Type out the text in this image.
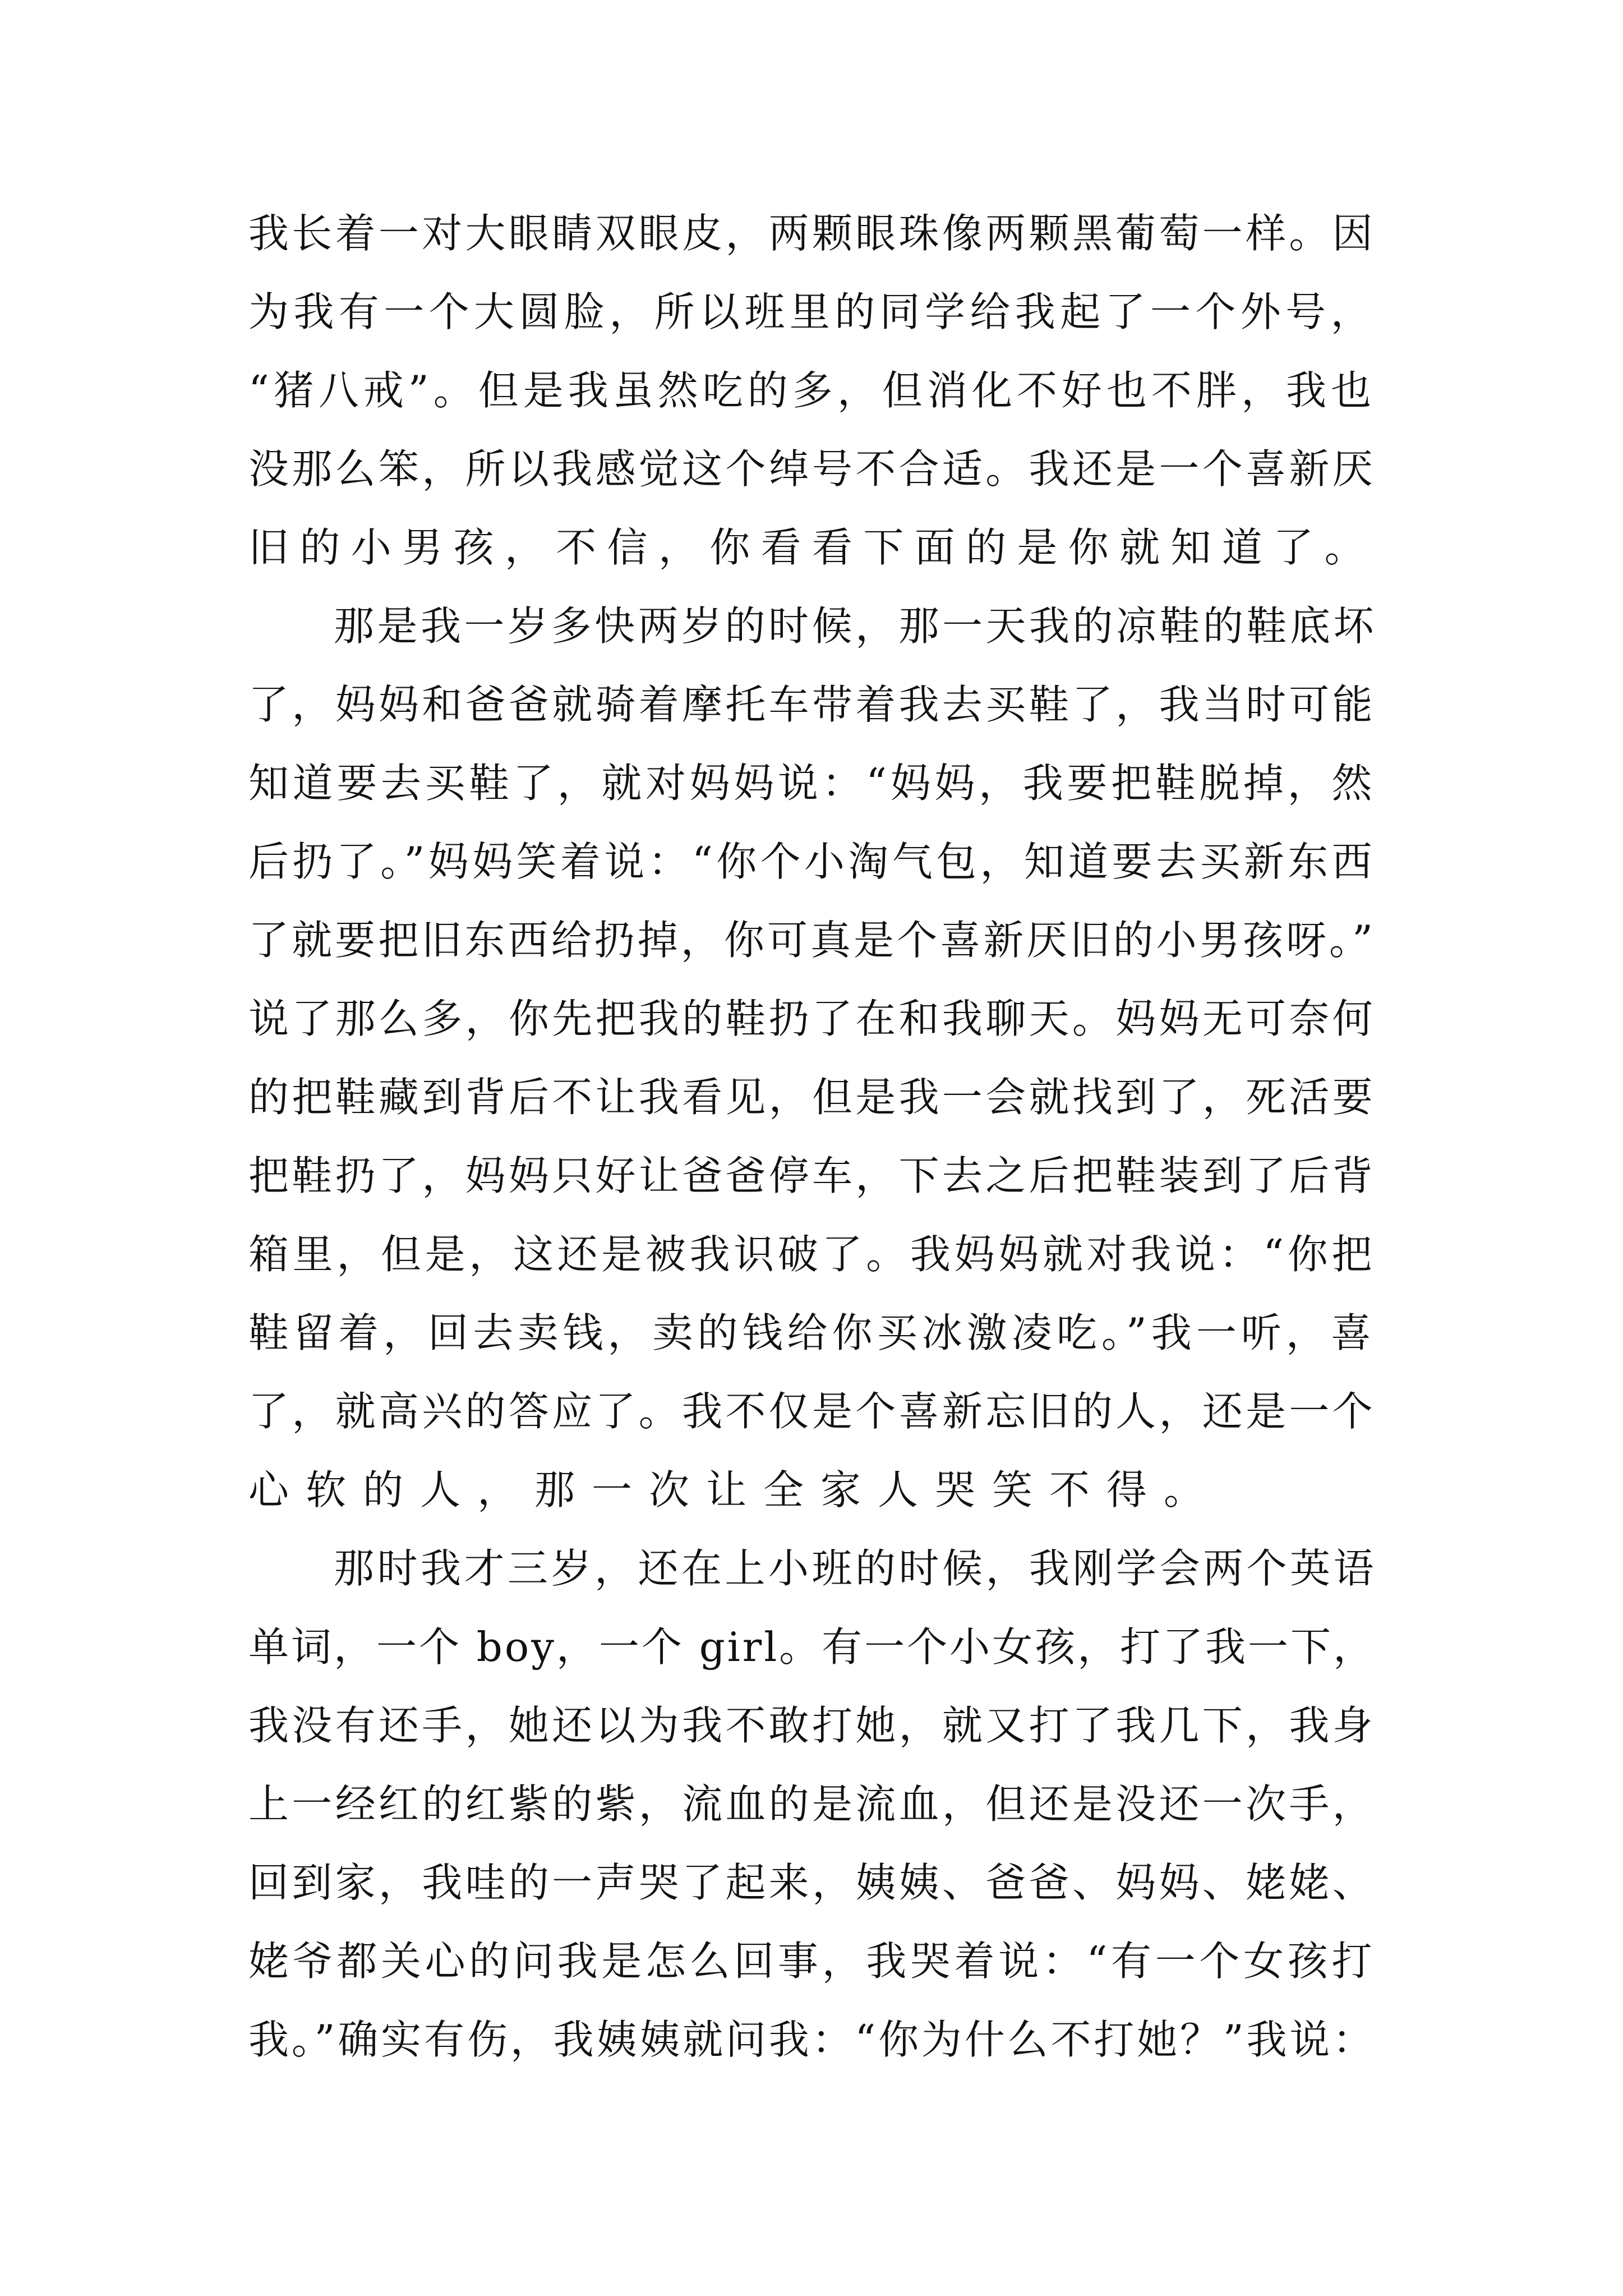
我长着一对大眼睛双眼皮，两颗眼珠像两颗黑葡萄一样。因
为我有一个大圆脸，所以班里的同学给我起了一个外号，
“猪八戒”。但是我虽然吃的多，但消化不好也不胖，我也
没那么笨，所以我感觉这个绰号不合适。我还是一个喜新厌
旧的小男孩，不信，你看看下面的是你就知道了。
那是我一岁多快两岁的时候，那一天我的凉鞋的鞋底坏
了，妈妈和爸爸就骑着摩托车带着我去买鞋了，我当时可能
知道要去买鞋了，就对妈妈说：“妈妈，我要把鞋脱掉，然
后扔了。”妈妈笑着说：“你个小淘气包，知道要去买新东西
了就要把旧东西给扔掉，你可真是个喜新厌旧的小男孩呀。”
说了那么多，你先把我的鞋扔了在和我聊天。妈妈无可奈何
的把鞋藏到背后不让我看见，但是我一会就找到了，死活要
把鞋扔了，妈妈只好让爸爸停车，下去之后把鞋装到了后背
箱里，但是，这还是被我识破了。我妈妈就对我说：“你把
鞋留着，回去卖钱，卖的钱给你买冰激凌吃。”我一听，喜
了，就高兴的答应了。我不仅是个喜新忘旧的人，还是一个
心软的人，那一次让全家人哭笑不得。
那时我才三岁，还在上小班的时候，我刚学会两个英语
单词，一个 boy，一个 girl。有一个小女孩，打了我一下，
我没有还手，她还以为我不敢打她，就又打了我几下，我身
上一经红的红紫的紫，流血的是流血，但还是没还一次手，
回到家，我哇的一声哭了起来，姨姨、爸爸、妈妈、姥姥、
姥爷都关心的问我是怎么回事，我哭着说：“有一个女孩打
我。”确实有伤，我姨姨就问我：“你为什么不打她？”我说：
